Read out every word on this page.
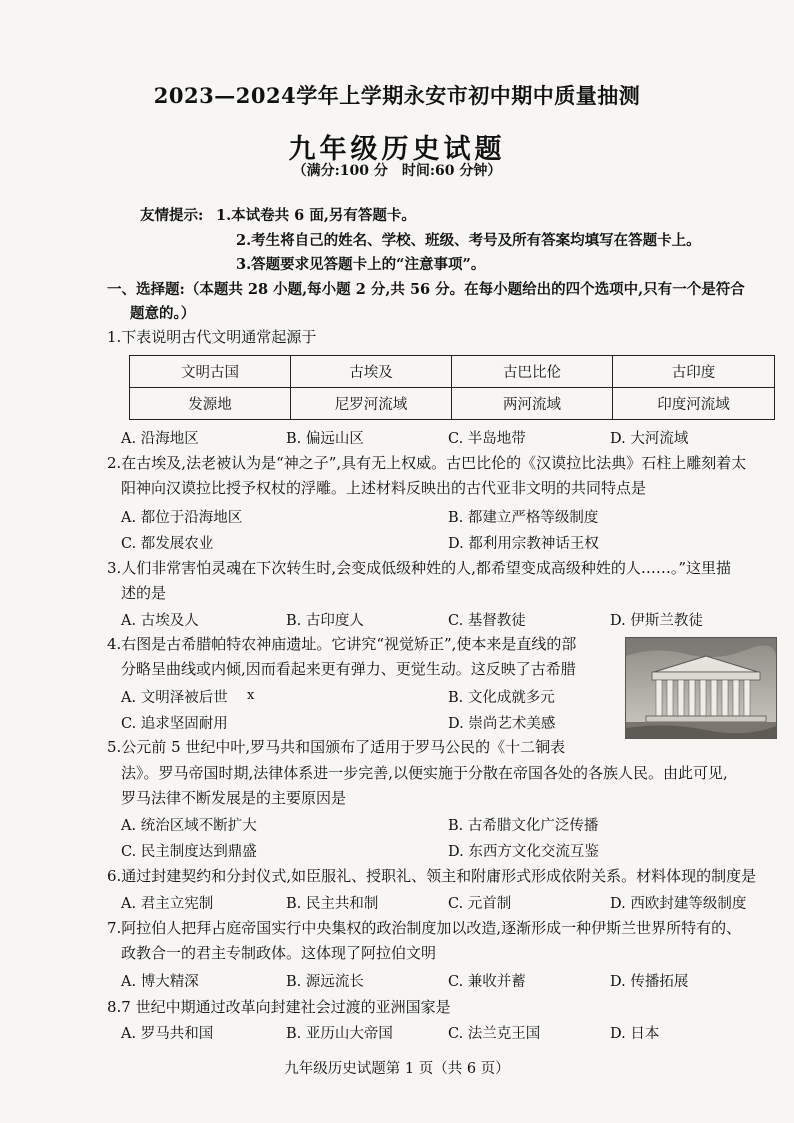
2023—2024学年上学期永安市初中期中质量抽测
九年级历史试题
（满分:100 分　时间:60 分钟）
友情提示: 1.本试卷共 6 面,另有答题卡。
2.考生将自己的姓名、学校、班级、考号及所有答案均填写在答题卡上。
3.答题要求见答题卡上的“注意事项”。
一、选择题:（本题共 28 小题,每小题 2 分,共 56 分。在每小题给出的四个选项中,只有一个是符合
题意的。）
1.下表说明古代文明通常起源于
文明古国	古埃及	古巴比伦	古印度
发源地	尼罗河流域	两河流域	印度河流域
A. 沿海地区	B. 偏远山区	C. 半岛地带	D. 大河流域
2.在古埃及,法老被认为是“神之子”,具有无上权威。古巴比伦的《汉谟拉比法典》石柱上雕刻着太
阳神向汉谟拉比授予权杖的浮雕。上述材料反映出的古代亚非文明的共同特点是
A. 都位于沿海地区	B. 都建立严格等级制度
C. 都发展农业	D. 都利用宗教神话王权
3.人们非常害怕灵魂在下次转生时,会变成低级种姓的人,都希望变成高级种姓的人……。”这里描
述的是
A. 古埃及人	B. 古印度人	C. 基督教徒	D. 伊斯兰教徒
4.右图是古希腊帕特农神庙遗址。它讲究“视觉矫正”,使本来是直线的部
分略呈曲线或内倾,因而看起来更有弹力、更觉生动。这反映了古希腊
A. 文明泽被后世 x	B. 文化成就多元
C. 追求坚固耐用	D. 崇尚艺术美感
5.公元前 5 世纪中叶,罗马共和国颁布了适用于罗马公民的《十二铜表
法》。罗马帝国时期,法律体系进一步完善,以便实施于分散在帝国各处的各族人民。由此可见,
罗马法律不断发展是的主要原因是
A. 统治区域不断扩大	B. 古希腊文化广泛传播
C. 民主制度达到鼎盛	D. 东西方文化交流互鉴
6.通过封建契约和分封仪式,如臣服礼、授职礼、领主和附庸形式形成依附关系。材料体现的制度是
A. 君主立宪制	B. 民主共和制	C. 元首制	D. 西欧封建等级制度
7.阿拉伯人把拜占庭帝国实行中央集权的政治制度加以改造,逐渐形成一种伊斯兰世界所特有的、
政教合一的君主专制政体。这体现了阿拉伯文明
A. 博大精深	B. 源远流长	C. 兼收并蓄	D. 传播拓展
8.7 世纪中期通过改革向封建社会过渡的亚洲国家是
A. 罗马共和国	B. 亚历山大帝国	C. 法兰克王国	D. 日本
九年级历史试题第 1 页（共 6 页）
